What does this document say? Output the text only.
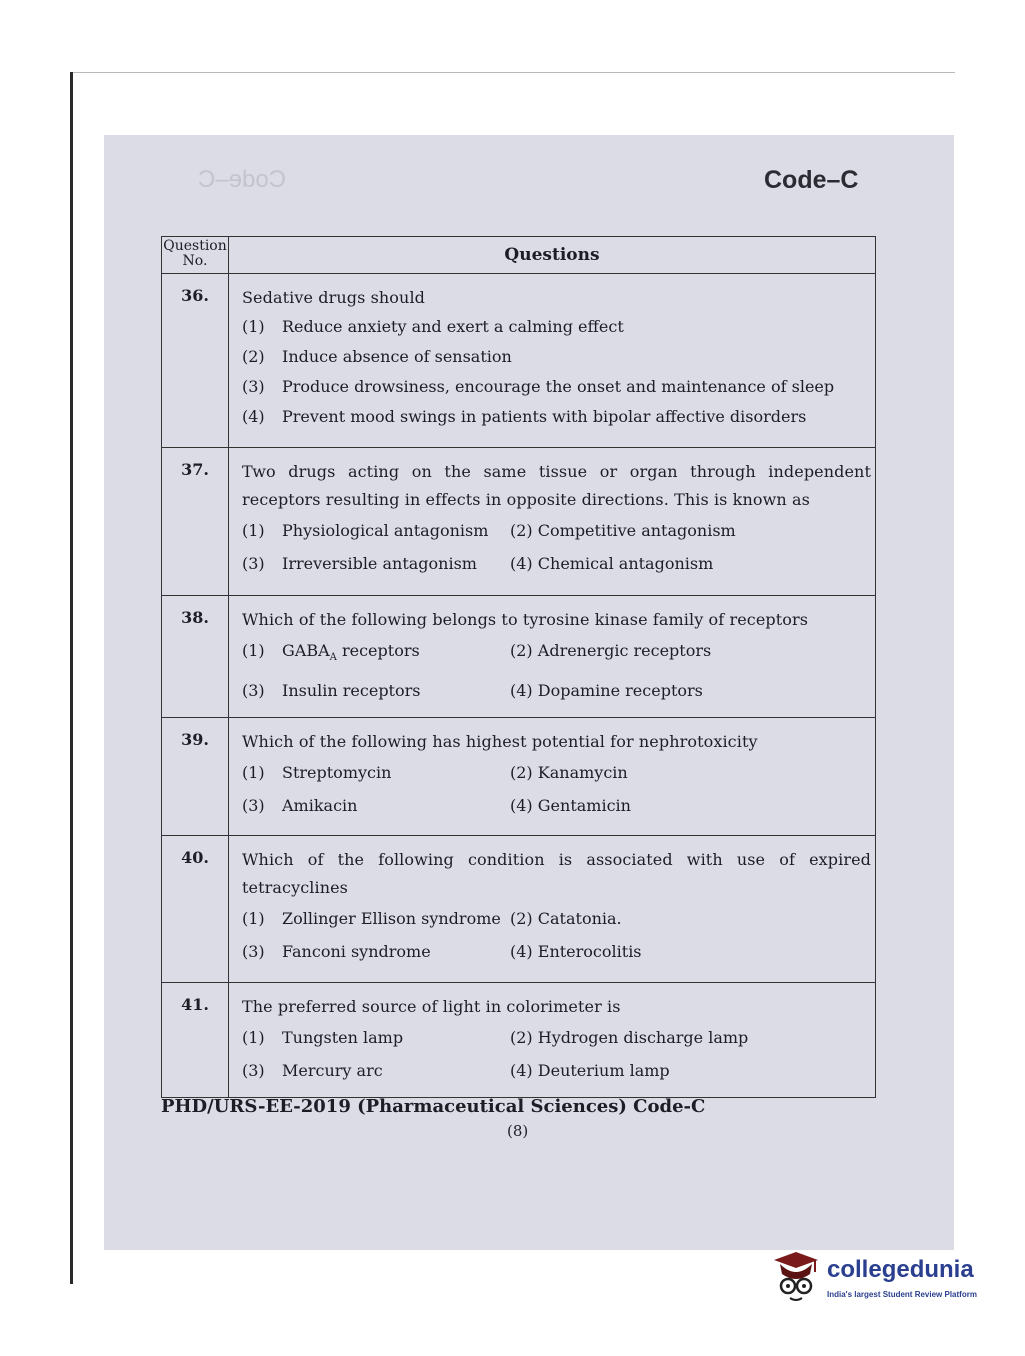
Code–C	Code–C
Question No.	Questions
36.	Sedative drugs should
(1) Reduce anxiety and exert a calming effect
(2) Induce absence of sensation
(3) Produce drowsiness, encourage the onset and maintenance of sleep
(4) Prevent mood swings in patients with bipolar affective disorders

37.	Two drugs acting on the same tissue or organ through independent receptors resulting in effects in opposite directions. This is known as
(1) Physiological antagonism (2) Competitive antagonism
(3) Irreversible antagonism (4) Chemical antagonism

38.	Which of the following belongs to tyrosine kinase family of receptors
(1) $GABA_A$ receptors (2) Adrenergic receptors
(3) Insulin receptors (4) Dopamine receptors

39.	Which of the following has highest potential for nephrotoxicity
(1) Streptomycin (2) Kanamycin
(3) Amikacin (4) Gentamicin

40.	Which of the following condition is associated with use of expired tetracyclines
(1) Zollinger Ellison syndrome (2) Catatonia.
(3) Fanconi syndrome (4) Enterocolitis

41.	The preferred source of light in colorimeter is
(1) Tungsten lamp (2) Hydrogen discharge lamp
(3) Mercury arc (4) Deuterium lamp
PHD/URS-EE-2019 (Pharmaceutical Sciences) Code-C
(8)
collegedunia
India's largest Student Review Platform
